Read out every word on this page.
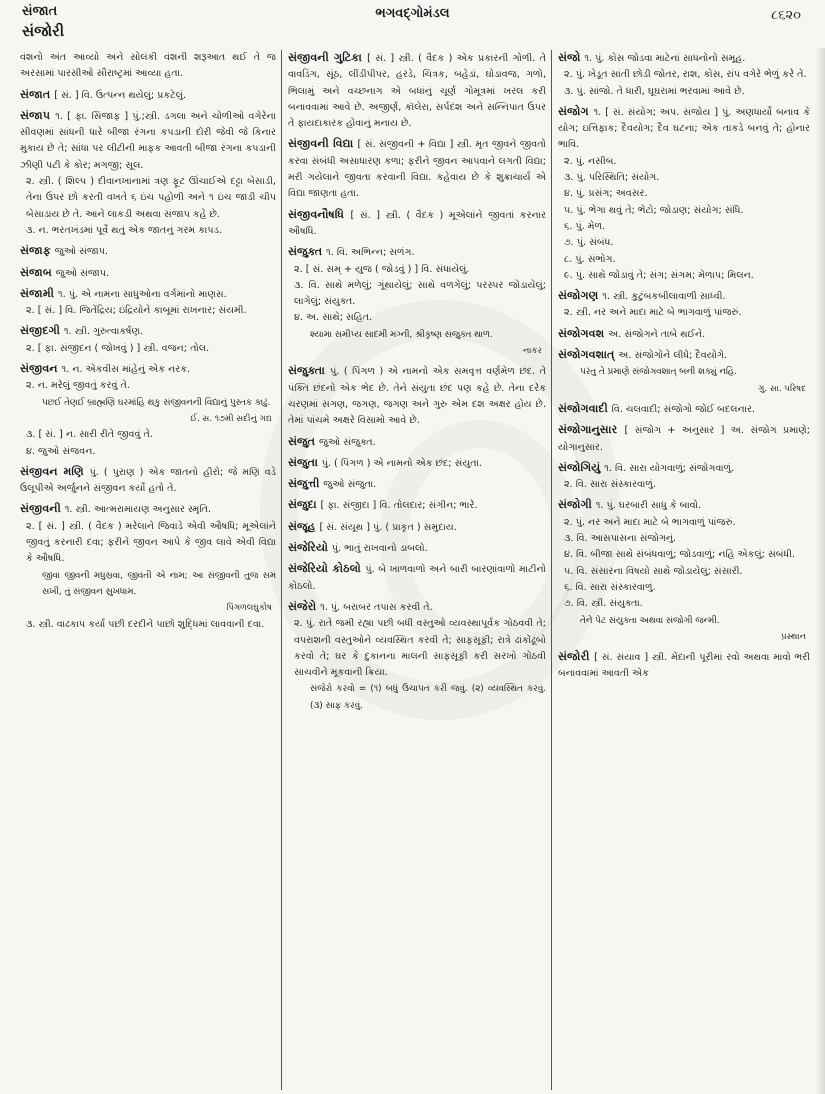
સંજાત
સંજોરી
ભગવદ્ગોમંડલ	૮૬૨૦
વંશનો અંત આવ્યો અને સોલંકી વંશની શરૂઆત થઈ તે જ અરસામાં પારસીઓ સૌરાષ્ટ્રમાં આવ્યા હતા.
સંજાત [ સં. ] વિ. ઉત્પન્ન થયેલું; પ્રકટેલું.
સંજાપ ૧. [ ફા. સિંજાફ ] પું.;સ્ત્રી. ડગલા અને ચોળીઓ વગેરેના સીવણમાં સાંધની ધારે બીજા રંગના કપડાની દોરી જેવી જે કિનાર મુકાય છે તે; સાંધા પર લીટીની માફક આવતી બીજા રંગના કપડાની ઝીણી પટી કે કોર; મગજી; સૂલ.
૨. સ્ત્રી. ( શિલ્પ ) દીવાનખાનામાં ત્રણ ફૂટ ઊંચાઈએ દટ્ટા બેસાડી, તેના ઉપર છો કરતી વખતે ૬ ઇંચ પહોળી અને ૧ ઇંચ જાડી ચીપ બેસાડાય છે તે. આને લાકડી અથવા સંજાપ કહે છે.
૩. ન. ભરતખંડમાં પૂર્વે થતું એક જાતનું ગરમ કાપડ.
સંજાફ જુઓ સંજાપ.
સંજાબ જુઓ સંજાપ.
સંજામી ૧. પું. એ નામના સાધુઓના વર્ગમાંનો માણસ.
૨. [ સં. ] વિ. જિતેંદ્રિય; ઇંદ્રિયોને કાબૂમાં રાખનાર; સંયમી.
સંજીદગી ૧. સ્ત્રી. ગુરુત્વાકર્ષણ.
૨. [ ફા. સંજીદન ( જોખવું ) ] સ્ત્રી. વજન; તોલ.
સંજીવન ૧. ન. એકવીસ માંહેનું એક નરક.
૨. ન. મરેલું જીવતું કરવું તે.
પછઈ તેણઈ બ્રાહ્મણિં ઘરમાંહિ થકુ સંજીવનની વિદ્યાનું પુસ્તક કાઢું.
ઈ. સ. ૧૭મી સદીનું ગદ્ય
૩. [ સં. ] ન. સારી રીતે જીવવું તે.
૪. જુઓ સંજવન.
સંજીવન મણિ પું. ( પુરાણ ) એક જાતનો હીરો; જે મણિ વડે ઉલૂપીએ અર્જુનને સંજીવન કર્યો હતો તે.
સંજીવની ૧. સ્ત્રી. આત્મરામાયણ અનુસાર સ્મૃતિ.
૨. [ સં. ] સ્ત્રી. ( વૈદક ) મરેલાને જિવાડે એવી ઔષધિ; મૂએલાંને જીવતું કરનારી દવા; ફરીને જીવન આપે કે જીવ લાવે એવી વિદ્યા કે ઔષધિ.
જીવા જીવની મધુસ્રવા, જીવંતી એ નામ; આ સંજીવની તુજ સમ સખી, તું સંજીવન સુખધામ.
પિંગળલઘુકોષ
૩. સ્ત્રી. વાઢકાપ કર્યા પછી દરદીને પાછો શુદ્ધિમાં લાવવાની દવા.
સંજીવની ગુટિકા [ સં. ] સ્ત્રી. ( વૈદક ) એક પ્રકારની ગોળી. તે વાવડિંગ, સૂંઠ, લીંડીપીપર, હરડે, ચિત્રક, બહેડાં, ઘોડાવજ, ગળો, ભિલામું અને વચ્છનાગ એ બધાંનું ચૂર્ણ ગોમૂત્રમાં ખરલ કરી બનાવવામાં આવે છે. અજીર્ણ, કૉલેરા, સર્પદંશ અને સન્નિપાત ઉપર તે ફાયદાકારક હોવાનું મનાય છે.
સંજીવની વિદ્યા [ સં. સંજીવની + વિદ્યા ] સ્ત્રી. મૃત જીવને જીવતો કરવા સંબંધી અસાધારણ કળા; ફરીને જીવન આપવાને લગતી વિદ્યા; મરી ગયેલાને જીવતા કરવાની વિદ્યા. કહેવાય છે કે શુક્રાચાર્ય એ વિદ્યા જાણતા હતા.
સંજીવનૌષધિ [ સં. ] સ્ત્રી. ( વૈદક ) મૂએલાંને જીવતાં કરનાર ઔષધિ.
સંજુક્ત ૧. વિ. અભિન્ન; સળંગ.
૨. [ સં. સમ્ + યુજ ( જોડવું ) ] વિ. સંધાયેલું.
૩. વિ. સાથે મળેલું; ગૂંથાયેલું; સાથે વળગેલું; પરસ્પર જોડાયેલું; લાગેલું; સંયુક્ત.
૪. અ. સાથે; સહિત.
શ્યામા સમીપ્ય સાદમી મગ્ની, શ્રીકૃષ્ણ સંજુક્ત થાળ.
નાકર
સંજુક્તા પું. ( પિંગળ ) એ નામનો એક સમવૃત્ત વર્ણમેળ છંદ. તે પંક્તિ છંદનો એક ભેદ છે. તેને સંયુતા છંદ પણ કહે છે. તેના દરેક ચરણમાં સગણ, જગણ, જગણ અને ગુરુ એમ દશ અક્ષર હોય છે. તેમાં પાંચમે અક્ષરે વિસામો આવે છે.
સંજુત જુઓ સંજુક્ત.
સંજુતા પું. ( પિંગળ ) એ નામનો એક છંદ; સંયુતા.
સંજુત્તી જુઓ સંજુતા.
સંજુદા [ ફા. સંજીદા ] વિ. તોલદાર; સંગીન; ભારે.
સંજૂહ [ સં. સંયૂથ ] પું. ( પ્રાકૃત ) સમુદાય.
સંજેરિયો પું. ભાતું રાખવાનો ડાબલો.
સંજેરિયો કોઠલો પું. બે ખાળવાળો અને બારી બારણાંવાળો માટીનો કોઠલો.
સંજેરો ૧. પું. બરાબર તપાસ કરવી તે.
૨. પું. રાતે જમી રહ્યા પછી બધી વસ્તુઓ વ્યવસ્થાપૂર્વક ગોઠવવી તે; વપરાશની વસ્તુઓને વ્યવસ્થિત કરવી તે; સાફસૂફી; રાત્રે ઢાંકોંઢૂંબો કરવો તે; ઘર કે દુકાનના માલની સાફસૂફી કરી સરખો ગોઠવી સાચવીને મૂકવાની ક્રિયા.
સંજેરો કરવો = (૧) બધું ઉચાપત કરી જવું. (૨) વ્યવસ્થિત કરવું. (૩) સાફ કરવું.
સંજો ૧. પું. કોસ જોડવા માટેનાં સાધનોનો સમૂહ.
૨. પું. ખેડૂત સાંતી છોડી જોતર, રાશ, કોસ, રાંપ વગેરે ભેળું કરે તે.
૩. પું. સાંજો. તે ધારી, ઘૂઘરામાં ભરવામાં આવે છે.
સંજોગ ૧. [ સં. સંયોગ; અપ. સંજોય ] પું. અણધાર્યો બનાવ કે યોગ; ઇત્તિફાક; દૈવયોગ; દૈવ ઘટના; એક તાકડે બનવું તે; હોનાર ભાવિ.
૨. પું. નસીબ.
૩. પું. પરિસ્થિતિ; સંયોગ.
૪. પું. પ્રસંગ; અવસર.
૫. પું. ભેગા થવું તે; ભેટો; જોડાણ; સંયોગ; સંધિ.
૬. પું. મેળ.
૭. પું. સંબંધ.
૮. પું. સંભોગ.
૯. પું. સાથે જોડાવું તે; સંગ; સંગમ; મેળાપ; મિલન.
સંજોગણ ૧. સ્ત્રી. કુટુંબકબીલાવાળી સાધ્વી.
૨. સ્ત્રી. નર અને માદા માટે બે ભાગવાળું પાંજરું.
સંજોગવશ અ. સંજોગને તાબે થઈને.
સંજોગવશાત્ અ. સંજોગોને લીધે; દૈવયોગે.
પરંતુ તે પ્રમાણે સંજોગવશાત્ બની શક્યું નહિ.
ગુ. સા. પરિષદ
સંજોગવાદી વિ. ચલવાદી; સંજોગો જોઈ બદલનાર.
સંજોગાનુસાર [ સંજોગ + અનુસાર ] અ. સંજોગ પ્રમાણે; યોગાનુસાર.
સંજોગિયું ૧. વિ. સારા યોગવાળું; સંજોગવાળું.
૨. વિ. સારા સંસ્કારવાળું.
સંજોગી ૧. પું. ઘરબારી સાધુ કે બાવો.
૨. પું. નર અને માદા માટે બે ભાગવાળું પાંજરું.
૩. વિ. આસપાસના સંજોગનું.
૪. વિ. બીજા સાથે સંબંધવાળું; જોડવાળું; નહિ એકલું; સંબંધી.
૫. વિ. સંસારના વિષયો સાથે જોડાયેલું; સંસારી.
૬. વિ. સારા સંસ્કારવાળું.
૭. વિ. સ્ત્રી. સંયુક્તા.
તેને પેટ સંયુક્તા અથવા સંજોગી જન્મી.
પ્રસ્થાન
સંજોરી [ સં. સંયાવ ] સ્ત્રી. મેંદાની પૂરીમાં રવો અથવા માવો ભરી બનાવવામાં આવતી એક
